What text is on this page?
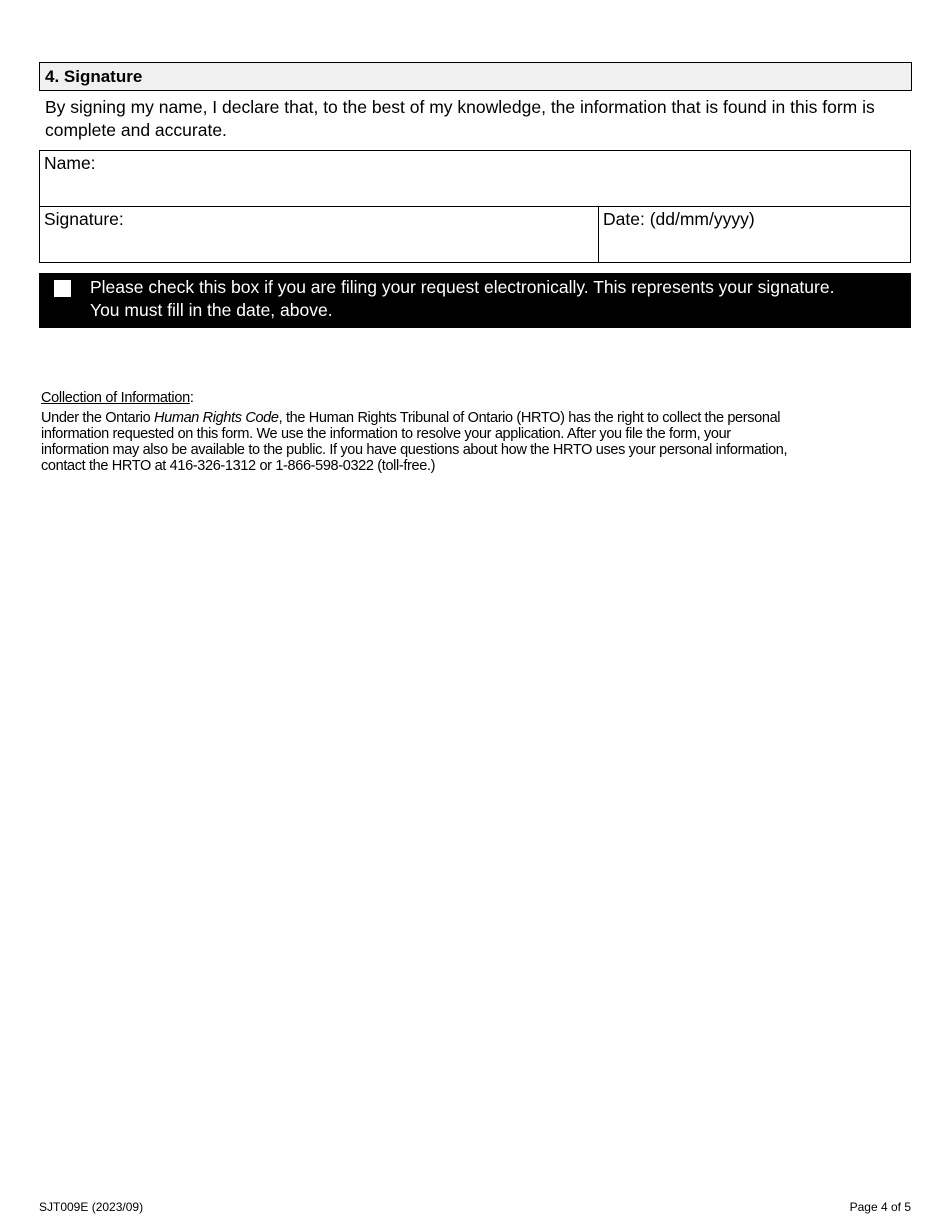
4. Signature
By signing my name, I declare that, to the best of my knowledge, the information that is found in this form is complete and accurate.
Name:
Signature:	Date: (dd/mm/yyyy)
Please check this box if you are filing your request electronically. This represents your signature.
You must fill in the date, above.
Collection of Information:
Under the Ontario Human Rights Code, the Human Rights Tribunal of Ontario (HRTO) has the right to collect the personal
information requested on this form. We use the information to resolve your application. After you file the form, your
information may also be available to the public. If you have questions about how the HRTO uses your personal information,
contact the HRTO at 416-326-1312 or 1-866-598-0322 (toll-free.)
SJT009E (2023/09)	Page 4 of 5
